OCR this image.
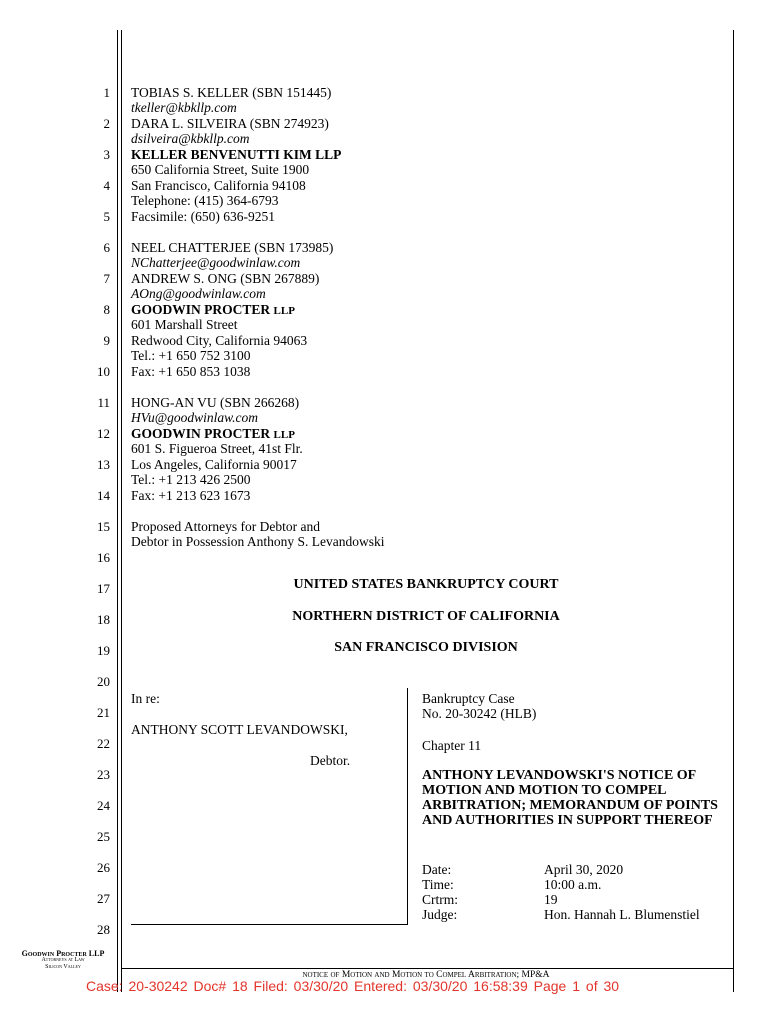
1
2
3
4
5
6
7
8
9
10
11
12
13
14
15
16
17
18
19
20
21
22
23
24
25
26
27
28
TOBIAS S. KELLER (SBN 151445)
tkeller@kbkllp.com
DARA L. SILVEIRA (SBN 274923)
dsilveira@kbkllp.com
KELLER BENVENUTTI KIM LLP
650 California Street, Suite 1900
San Francisco, California 94108
Telephone: (415) 364-6793
Facsimile: (650) 636-9251
NEEL CHATTERJEE (SBN 173985)
NChatterjee@goodwinlaw.com
ANDREW S. ONG (SBN 267889)
AOng@goodwinlaw.com
GOODWIN PROCTER LLP
601 Marshall Street
Redwood City, California 94063
Tel.: +1 650 752 3100
Fax: +1 650 853 1038
HONG-AN VU (SBN 266268)
HVu@goodwinlaw.com
GOODWIN PROCTER LLP
601 S. Figueroa Street, 41st Flr.
Los Angeles, California 90017
Tel.: +1 213 426 2500
Fax: +1 213 623 1673
Proposed Attorneys for Debtor and
Debtor in Possession Anthony S. Levandowski
UNITED STATES BANKRUPTCY COURT
NORTHERN DISTRICT OF CALIFORNIA
SAN FRANCISCO DIVISION
In re:
ANTHONY SCOTT LEVANDOWSKI,
Debtor.
Bankruptcy Case
No. 20-30242 (HLB)
Chapter 11
ANTHONY LEVANDOWSKI'S NOTICE OF MOTION AND MOTION TO COMPEL ARBITRATION; MEMORANDUM OF POINTS AND AUTHORITIES IN SUPPORT THEREOF
Date:	April 30, 2020
Time:	10:00 a.m.
Crtrm:	19
Judge:	Hon. Hannah L. Blumenstiel
Goodwin Procter LLP
Attorneys at Law
Silicon Valley
notice of Motion and Motion to Compel Arbitration; MP&A
Case: 20-30242 Doc# 18 Filed: 03/30/20 Entered: 03/30/20 16:58:39 Page 1 of 30
